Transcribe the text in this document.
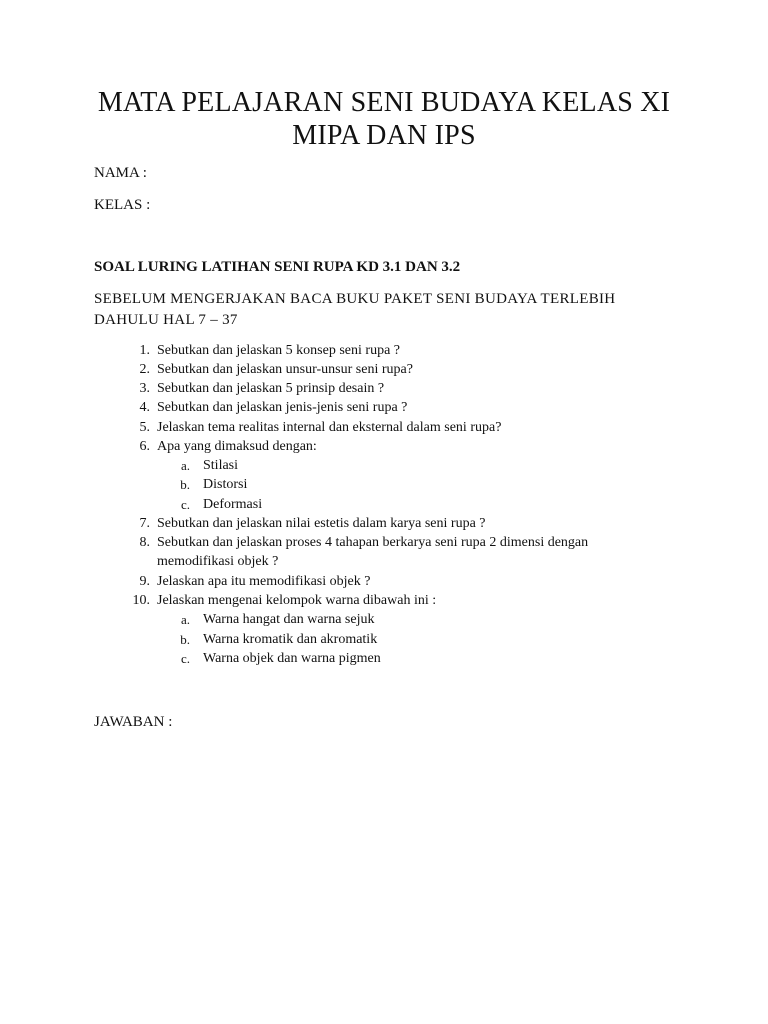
MATA PELAJARAN SENI BUDAYA KELAS XI
MIPA DAN IPS
NAMA :
KELAS :
SOAL LURING LATIHAN SENI RUPA KD 3.1 DAN 3.2
SEBELUM MENGERJAKAN BACA BUKU PAKET SENI BUDAYA TERLEBIH
DAHULU HAL 7 – 37
1. Sebutkan dan jelaskan 5 konsep seni rupa ?
2. Sebutkan dan jelaskan unsur-unsur seni rupa?
3. Sebutkan dan jelaskan 5 prinsip desain ?
4. Sebutkan dan jelaskan jenis-jenis seni rupa ?
5. Jelaskan tema realitas internal dan eksternal dalam seni rupa?
6. Apa yang dimaksud dengan:
a. Stilasi
b. Distorsi
c. Deformasi
7. Sebutkan dan jelaskan nilai estetis dalam karya seni rupa ?
8. Sebutkan dan jelaskan proses 4 tahapan berkarya seni rupa 2 dimensi dengan
memodifikasi objek ?
9. Jelaskan apa itu memodifikasi objek ?
10. Jelaskan mengenai kelompok warna dibawah ini :
a. Warna hangat dan warna sejuk
b. Warna kromatik dan akromatik
c. Warna objek dan warna pigmen
JAWABAN :
